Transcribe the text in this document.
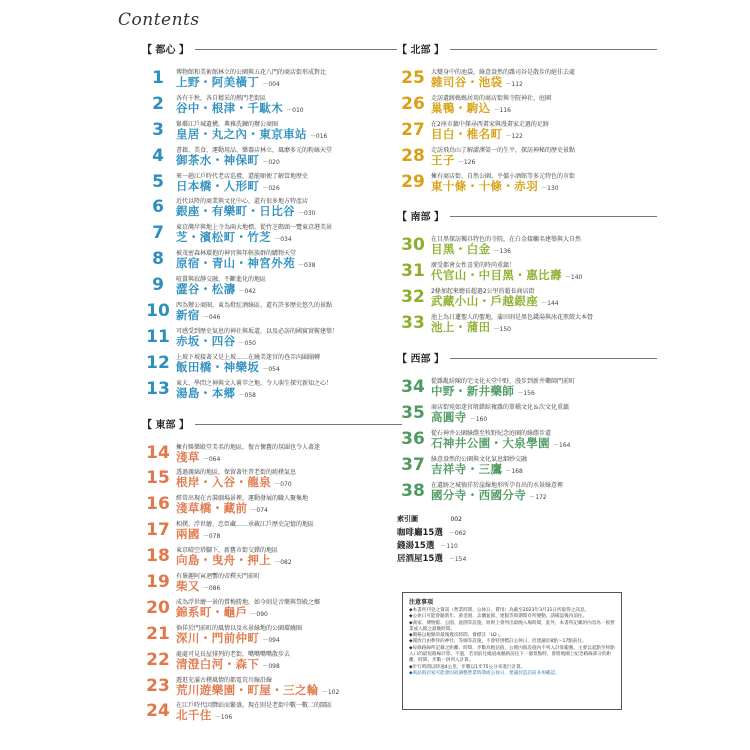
Contents
【 都心 】
1	博物館和美術館林立的公園與五花八門的商店街形成對比
上野・阿美橫丁 －004
2	各有千秋，各自精采的熱門老街區
谷中・根津・千駄木 －010
3	緊鄰江戶城遺構，典雅洗鍊的辦公商圈
皇居・丸之內・東京車站 －016
4	書籍、美食、運動用品、樂器店林立，風靡多元的粉絲天堂
御茶水・神保町 －020
5	來一趟江戶時代老店巡禮，還能順便了解當地歷史
日本橋・人形町 －026
6	近代以降的商業與文化中心，還有很多地方特產店
銀座・有樂町・日比谷 －030
7	東京灣岸與地上寺為兩大地標，從竹芝碼頭一覽東京港美景
芝・濱松町・竹芝 －034
8	被茂密森林環抱的神宮與年輕族群的購物天堂
原宿・青山・神宮外苑 －038
9	喧囂與寂靜交融，不斷進化的地區
澀谷・松濤 －042
10	西為辦公商圈，東為燈紅酒綠區，還有許多歷史悠久的景點
新宿 －046
11	可感受到歷史氣息的神社與坂道，以及必訪的國賓實鞍建築！
赤坂・四谷 －050
12	上坡下坡接著又是上坡……在繞美迷宮的巷弄內圍團轉
飯田橋・神樂坂 －054
13	東大、學問之神與文人薈萃之地，令人萌生探究新知之心！
湯島・本郷 －058
【 東部 】
14	擁有娛樂殿堂美名的地區，復古懷舊的氛圍也令人著迷
淺草 －064
15	透過親綿的地區，保留著往昔老街的純樸氣息
根岸・入谷・龍泉 －070
16	經常出現在古裝劇場景裡，運動發展的職人聚集地
淺草橋・藏前 －074
17	相撲、浮世繪、忠臣藏……承載江戶歷史記憶的地區
兩國 －078
18	東京晴空塔腳下，新舊市街交錯的地區
向島・曳舟・押上 －082
19	有褒趣阿寅迴響的帝釋天門前町
柴又 －086
20	成為浮世繪一景的賞梅勝地，如今則是音樂與祭殿之鄉
錦系町・龜戶 －090
21	倘佯於門前町的風情以及水景綠地的公園環繞圈
深川・門前仲町 －094
22	處處可見長屋排列的老街，嘴嘴嘴嘴散步去
清澄白河・森下 －098
23	遊逛充滿古樸風情的都電荒川線沿線
荒川遊樂園・町屋・三之輪 －102
24	在江戶時代因驛站而繁盛，現在則是老街中數一數二的鬧區
北千住 －106
【 北部 】
25	大變身中的池袋，綠意盎然的雜司谷是散步的絕佳去處
雜司谷・池袋 －112
26	走訪遺跡媽媽居用的商店街與寺院神社、庭園
巢鴨・駒込 －116
27	在2座市鎮中探尋西畫家與漫畫家走過的足跡
目白・椎名町 －122
28	走訪飛鳥山了解澀澤榮一的生平，探訪神秘的歷史景點
王子 －126
29	擁有商店街、自然公園，平價小酒館等多元特色的市街
東十條・十條・赤羽 －130
【 南部 】
30	在目黑探訪獨具特色的寺院，在白金接觸名建築與大自然
目黑・白金 －136
31	廣受都會女性喜愛的時尚重鎮！
代官山・中目黑・惠比壽 －140
32	2條加起來總長超過2公里的超長商店街
武藏小山・戶越銀座 －144
33	池上為日蓮聖人的聖地，蒲田則是黑色錢湯與冰花煎餃大本營
池上・蒲田 －150
【 西部 】
34	從雜亂紛陳的宅文化天堂中野，漫步到新井藥師門前町
中野・新井藥師 －156
35	商店街宛如迷宮般錯綜複雜的單橋文化＆次文化重鎮
高圓寺 －160
36	從石神井公園綠蔭至牧野紀念庭園的綠蔭步道
石神井公園・大泉學園 －164
37	綠意盎然的公園與文化氣息細妙交融
吉祥寺・三鷹 －168
38	在遺跡之城徜徉於崖線地形所孕育出的水景綠意裡
國分寺・西國分寺 －172
索引圖	002
咖啡廳15選 －062
錢湯15選 －110
居酒屋15選 －154
注意事項
◆本書所刊登之資訊（營業時間、公休日、費用）為截至2023年3月31日所取得之訊息。
◆公休日可能會隨新年、黃金週、盂蘭盆節、連假等與期間有所變動，請確認後再前往。
◆商家、博物館、公園、庭園等設施，原則上會列出最晚入場時間，此外，本書所記載的內容為一般營業或入館之最晚時間。
◆價格以稅額的最後幾次時間，會標註「LO」。
◆開放自由參拜的神社，等廟等設施，不會特別標註公休日，但建議於8點～17點前往。
◆每條路線所記載之距離、時間、步數為粗估值，公園內與設施內不列入計算範圍。主要以起點至終點入口的最短路線計算。不過，若須前往繞道或順路前往下一個景點時，會將地圖上紀念路線部分的距離、時間、步數一併列入計算。
◆步行時間以時速4公里，步數以1步75公分來進行計算。
◆商品與店家可能會因故調整營業時間或公休日，建議於造訪前多加確認。
